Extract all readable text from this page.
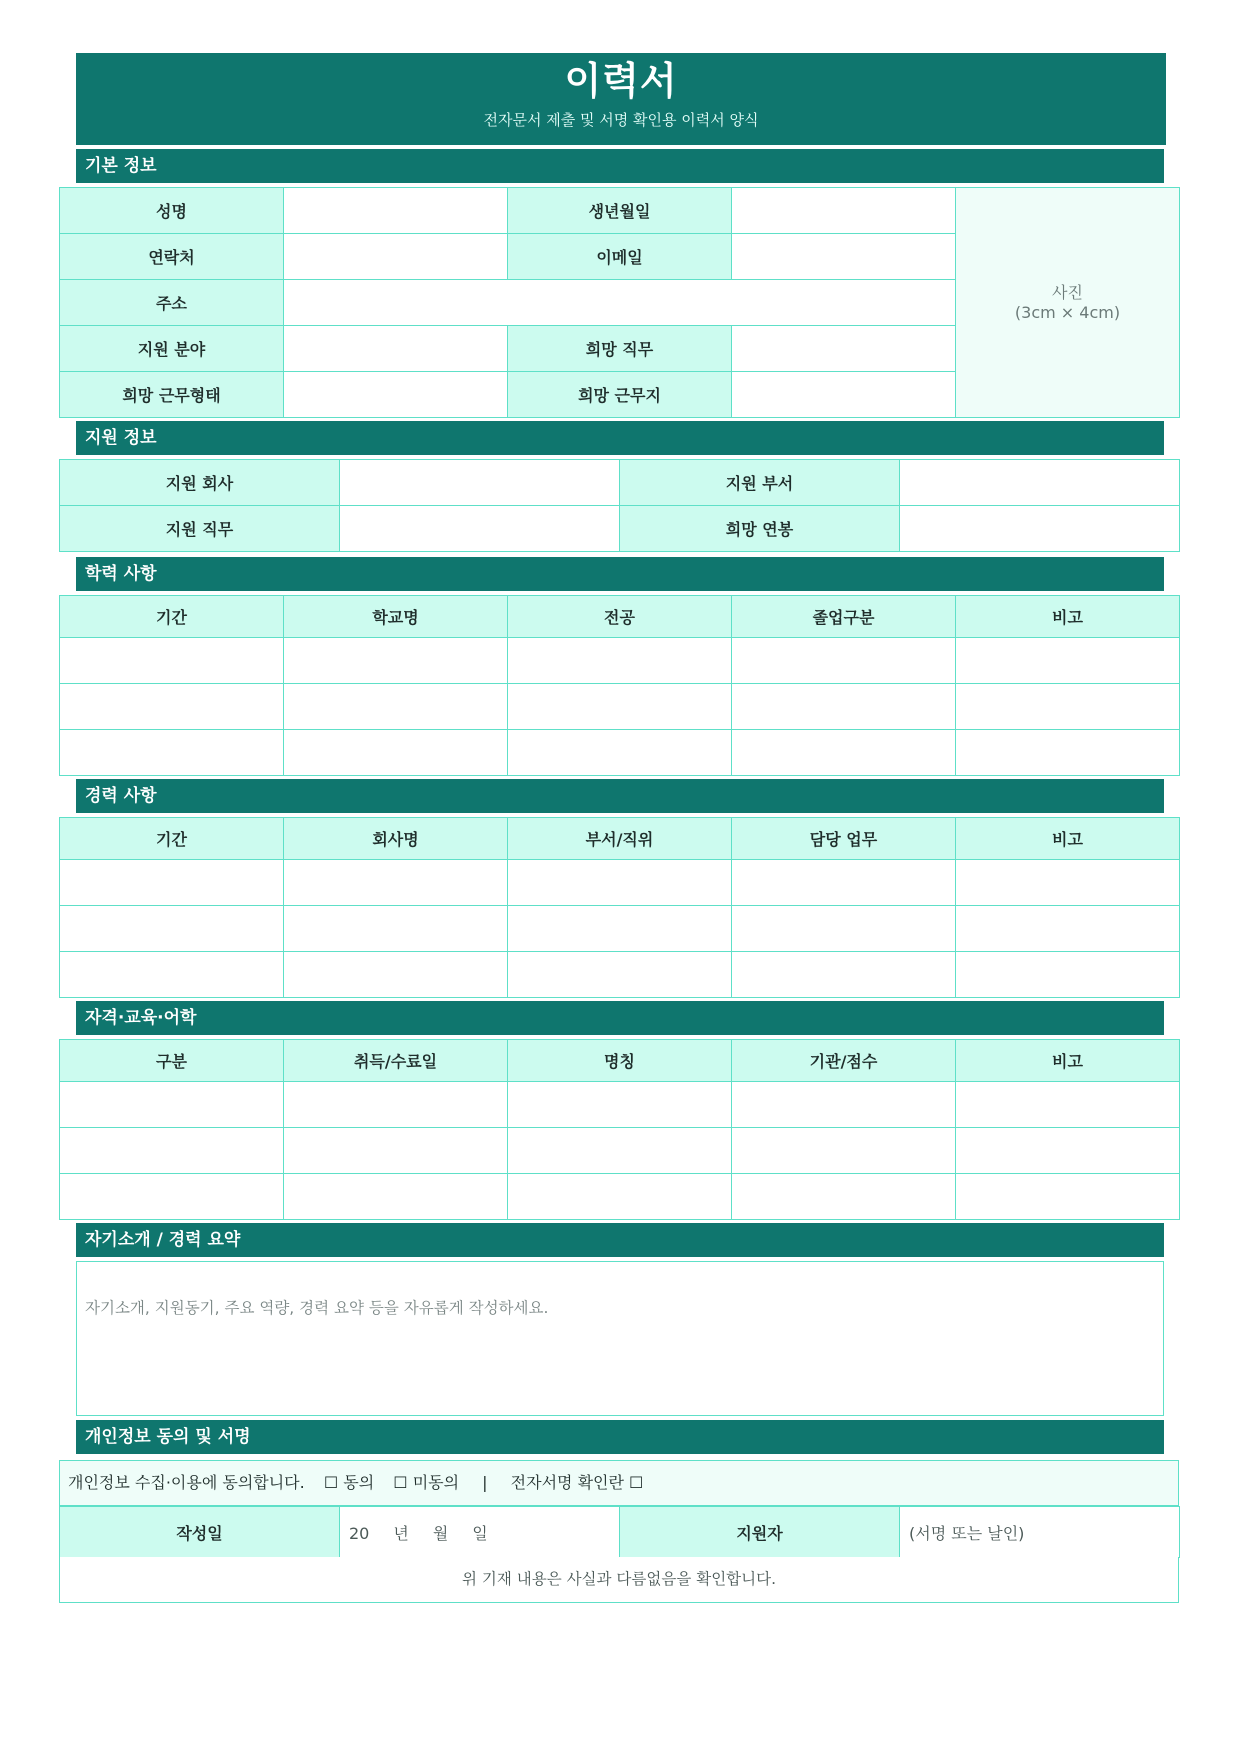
이력서
전자문서 제출 및 서명 확인용 이력서 양식
기본 정보
성명		생년월일		사진
(3cm × 4cm)

연락처		이메일		
주소				
지원 분야		희망 직무		
희망 근무형태		희망 근무지		
지원 정보
지원 회사		지원 부서	
지원 직무		희망 연봉	
학력 사항
기간	학교명	전공	졸업구분	비고

경력 사항
기간	회사명	부서/직위	담당 업무	비고

자격·교육·어학
구분	취득/수료일	명칭	기관/점수	비고

자기소개 / 경력 요약
자기소개, 지원동기, 주요 역량, 경력 요약 등을 자유롭게 작성하세요.
개인정보 동의 및 서명
개인정보 수집·이용에 동의합니다. ☐ 동의 ☐ 미동의 | 전자서명 확인란 ☐
작성일	20 년 월 일	지원자	(서명 또는 날인)
위 기재 내용은 사실과 다름없음을 확인합니다.
